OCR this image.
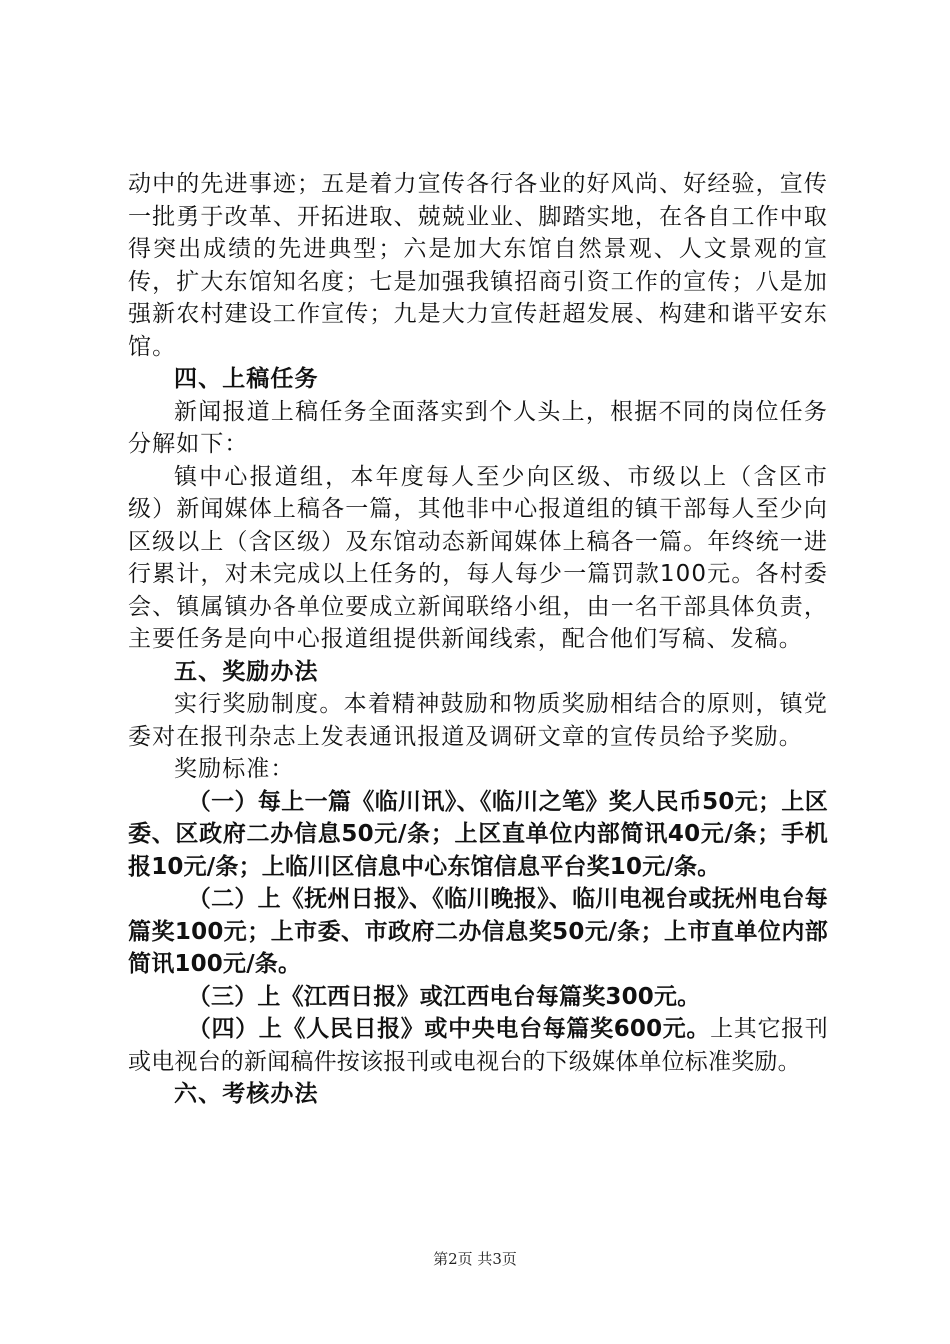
动中的先进事迹；五是着力宣传各行各业的好风尚、好经验，宣传一批勇于改革、开拓进取、兢兢业业、脚踏实地，在各自工作中取得突出成绩的先进典型；六是加大东馆自然景观、人文景观的宣传，扩大东馆知名度；七是加强我镇招商引资工作的宣传；八是加强新农村建设工作宣传；九是大力宣传赶超发展、构建和谐平安东馆。

四、上稿任务

新闻报道上稿任务全面落实到个人头上，根据不同的岗位任务分解如下：

镇中心报道组，本年度每人至少向区级、市级以上（含区市级）新闻媒体上稿各一篇，其他非中心报道组的镇干部每人至少向区级以上（含区级）及东馆动态新闻媒体上稿各一篇。年终统一进行累计，对未完成以上任务的，每人每少一篇罚款100元。各村委会、镇属镇办各单位要成立新闻联络小组，由一名干部具体负责，主要任务是向中心报道组提供新闻线索，配合他们写稿、发稿。

五、奖励办法

实行奖励制度。本着精神鼓励和物质奖励相结合的原则，镇党委对在报刊杂志上发表通讯报道及调研文章的宣传员给予奖励。

奖励标准：

（一）每上一篇《临川讯》、《临川之笔》奖人民币50元；上区委、区政府二办信息50元/条；上区直单位内部简讯40元/条；手机报10元/条；上临川区信息中心东馆信息平台奖10元/条。

（二）上《抚州日报》、《临川晚报》、临川电视台或抚州电台每篇奖100元；上市委、市政府二办信息奖50元/条；上市直单位内部简讯100元/条。

（三）上《江西日报》或江西电台每篇奖300元。

（四）上《人民日报》或中央电台每篇奖600元。上其它报刊或电视台的新闻稿件按该报刊或电视台的下级媒体单位标准奖励。

六、考核办法

第2页 共3页
